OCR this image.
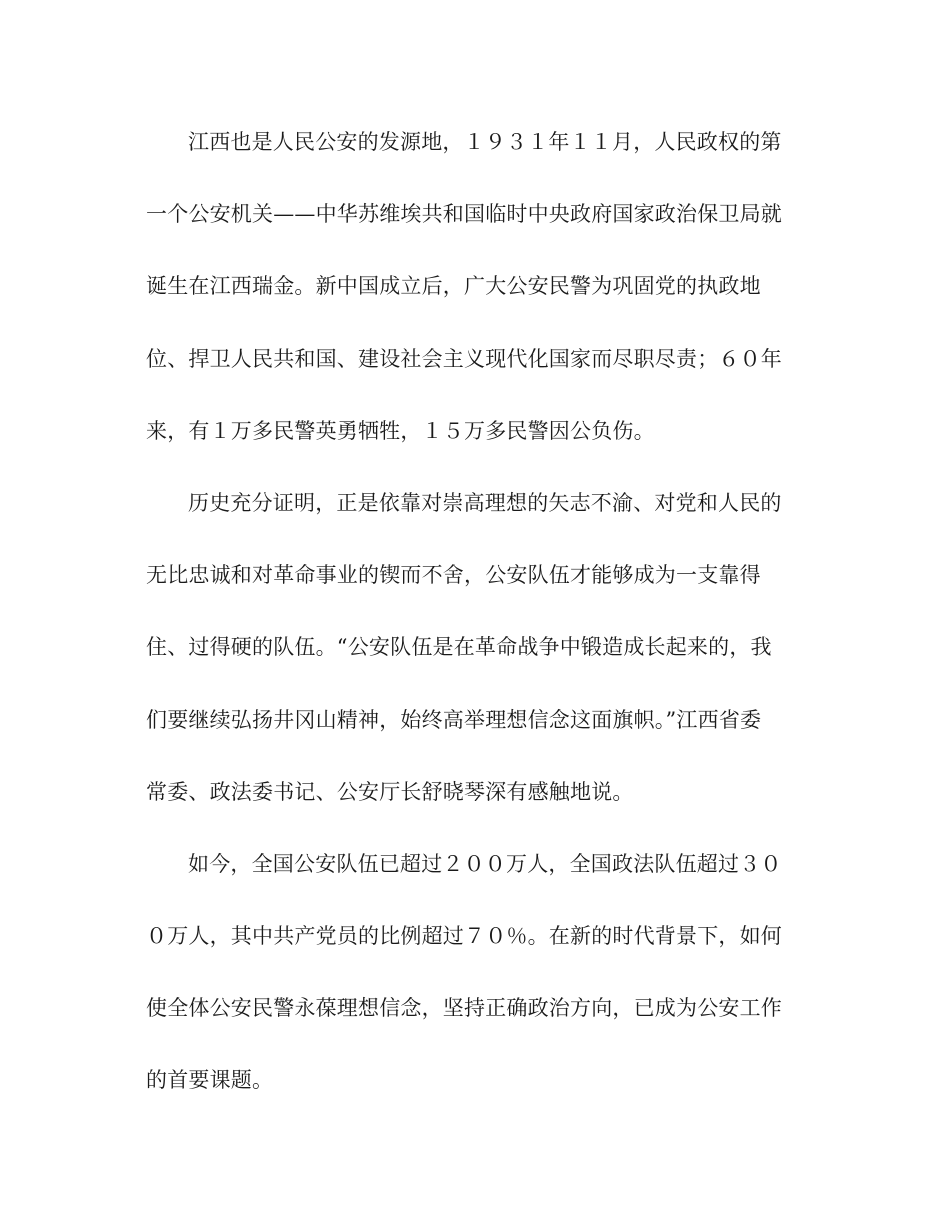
江西也是人民公安的发源地，１９３１年１１月，人民政权的第
一个公安机关——中华苏维埃共和国临时中央政府国家政治保卫局就
诞生在江西瑞金。新中国成立后，广大公安民警为巩固党的执政地
位、捍卫人民共和国、建设社会主义现代化国家而尽职尽责；６０年
来，有１万多民警英勇牺牲，１５万多民警因公负伤。

历史充分证明，正是依靠对崇高理想的矢志不渝、对党和人民的
无比忠诚和对革命事业的锲而不舍，公安队伍才能够成为一支靠得
住、过得硬的队伍。“公安队伍是在革命战争中锻造成长起来的，我
们要继续弘扬井冈山精神，始终高举理想信念这面旗帜。”江西省委
常委、政法委书记、公安厅长舒晓琴深有感触地说。

如今，全国公安队伍已超过２００万人，全国政法队伍超过３０
０万人，其中共产党员的比例超过７０％。在新的时代背景下，如何
使全体公安民警永葆理想信念，坚持正确政治方向，已成为公安工作
的首要课题。
